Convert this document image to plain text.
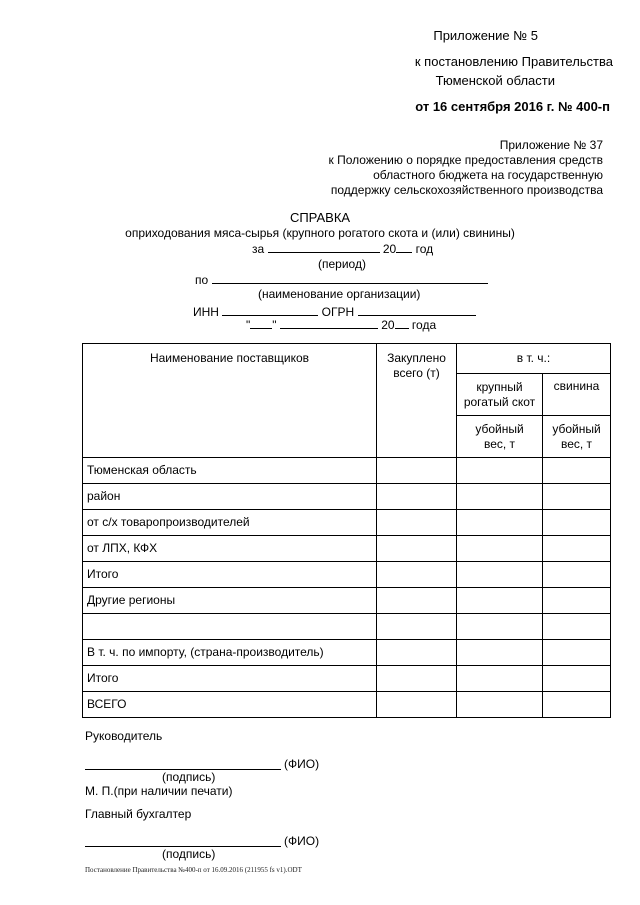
Приложение № 5
к постановлению Правительства
Тюменской области
от 16 сентября 2016 г. № 400-п
Приложение № 37
к Положению о порядке предоставления средств
областного бюджета на государственную
поддержку сельскохозяйственного производства
СПРАВКА
оприходования мяса-сырья (крупного рогатого скота и (или) свинины)
за	20 год
(период)
по
(наименование организации)
ИНН	ОГРН
" "	20 года
Наименование поставщиков	Закуплено всего (т)	в т. ч.:	
		крупный рогатый скот	свинина
		убойный вес, т	убойный вес, т
Тюменская область			
район			
от с/х товаропроизводителей			
от ЛПХ, КФХ			
Итого			
Другие регионы			

В т. ч. по импорту, (страна-производитель)			
Итого			
ВСЕГО			
Руководитель
(ФИО)
(подпись)
М. П.(при наличии печати)
Главный бухгалтер
(ФИО)
(подпись)
Постановление Правительства №400-п от 16.09.2016 (211955 fs v1).ODT
